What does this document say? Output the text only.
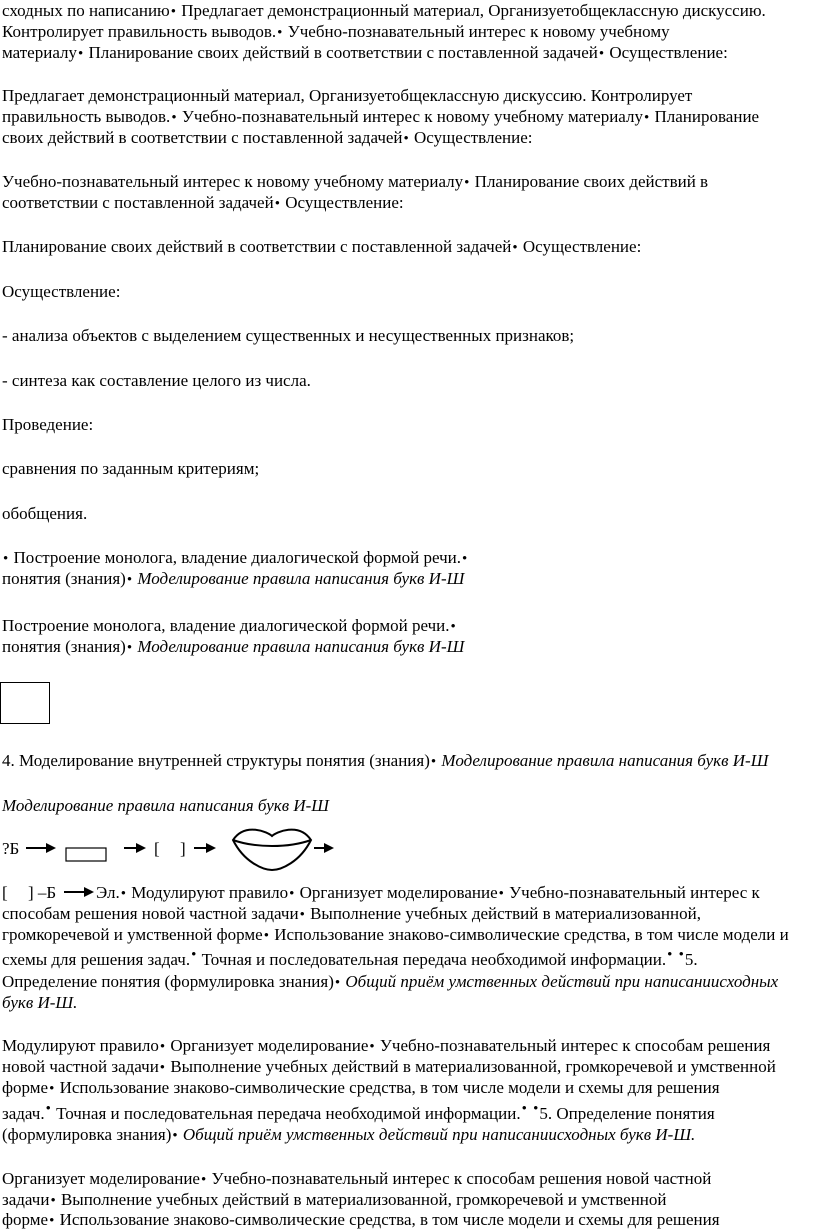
сходных по написанию• Предлагает демонстрационный материал, Организуетобщеклассную дискуссию.
Контролирует правильность выводов.• Учебно-познавательный интерес к новому учебному
материалу• Планирование своих действий в соответствии с поставленной задачей• Осуществление:
Предлагает демонстрационный материал, Организуетобщеклассную дискуссию. Контролирует
правильность выводов.• Учебно-познавательный интерес к новому учебному материалу• Планирование
своих действий в соответствии с поставленной задачей• Осуществление:
Учебно-познавательный интерес к новому учебному материалу• Планирование своих действий в
соответствии с поставленной задачей• Осуществление:
Планирование своих действий в соответствии с поставленной задачей• Осуществление:
Осуществление:
- анализа объектов с выделением существенных и несущественных признаков;
- синтеза как составление целого из числа.
Проведение:
сравнения по заданным критериям;
обобщения.
• Построение монолога, владение диалогической формой речи.•
понятия (знания)• Моделирование правила написания букв И-Ш
Построение монолога, владение диалогической формой речи.•
понятия (знания)• Моделирование правила написания букв И-Ш
4. Моделирование внутренней структуры понятия (знания)• Моделирование правила написания букв И-Ш
Моделирование правила написания букв И-Ш
?Б	[ ]
[ ] –Б Эл.• Модулируют правило• Организует моделирование• Учебно-познавательный интерес к
способам решения новой частной задачи• Выполнение учебных действий в материализованной,
громкоречевой и умственной форме• Использование знаково-символические средства, в том числе модели и
схемы для решения задач.• Точная и последовательная передача необходимой информации.• •5.
Определение понятия (формулировка знания)• Общий приём умственных действий при написаниисходных
букв И-Ш.
Модулируют правило• Организует моделирование• Учебно-познавательный интерес к способам решения
новой частной задачи• Выполнение учебных действий в материализованной, громкоречевой и умственной
форме• Использование знаково-символические средства, в том числе модели и схемы для решения
задач.• Точная и последовательная передача необходимой информации.• •5. Определение понятия
(формулировка знания)• Общий приём умственных действий при написаниисходных букв И-Ш.
Организует моделирование• Учебно-познавательный интерес к способам решения новой частной
задачи• Выполнение учебных действий в материализованной, громкоречевой и умственной
форме• Использование знаково-символические средства, в том числе модели и схемы для решения
